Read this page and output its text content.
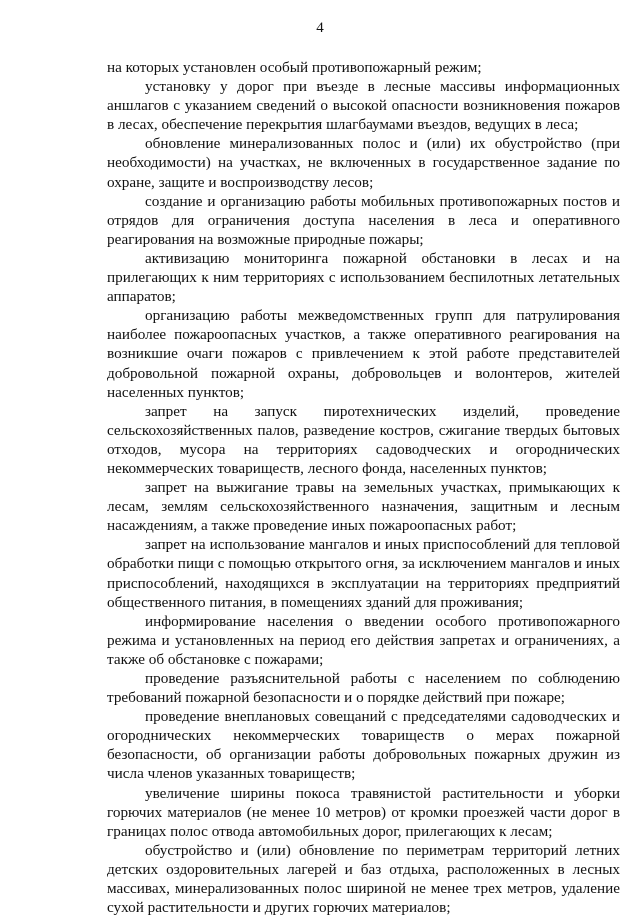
4

на которых установлен особый противопожарный режим;

установку у дорог при въезде в лесные массивы информационных аншлагов с указанием сведений о высокой опасности возникновения пожаров в лесах, обеспечение перекрытия шлагбаумами въездов, ведущих в леса;

обновление минерализованных полос и (или) их обустройство (при необходимости) на участках, не включенных в государственное задание по охране, защите и воспроизводству лесов;

создание и организацию работы мобильных противопожарных постов и отрядов для ограничения доступа населения в леса и оперативного реагирования на возможные природные пожары;

активизацию мониторинга пожарной обстановки в лесах и на прилегающих к ним территориях с использованием беспилотных летательных аппаратов;

организацию работы межведомственных групп для патрулирования наиболее пожароопасных участков, а также оперативного реагирования на возникшие очаги пожаров с привлечением к этой работе представителей добровольной пожарной охраны, добровольцев и волонтеров, жителей населенных пунктов;

запрет на запуск пиротехнических изделий, проведение сельскохозяйственных палов, разведение костров, сжигание твердых бытовых отходов, мусора на территориях садоводческих и огороднических некоммерческих товариществ, лесного фонда, населенных пунктов;

запрет на выжигание травы на земельных участках, примыкающих к лесам, землям сельскохозяйственного назначения, защитным и лесным насаждениям, а также проведение иных пожароопасных работ;

запрет на использование мангалов и иных приспособлений для тепловой обработки пищи с помощью открытого огня, за исключением мангалов и иных приспособлений, находящихся в эксплуатации на территориях предприятий общественного питания, в помещениях зданий для проживания;

информирование населения о введении особого противопожарного режима и установленных на период его действия запретах и ограничениях, а также об обстановке с пожарами;

проведение разъяснительной работы с населением по соблюдению требований пожарной безопасности и о порядке действий при пожаре;

проведение внеплановых совещаний с председателями садоводческих и огороднических некоммерческих товариществ о мерах пожарной безопасности, об организации работы добровольных пожарных дружин из числа членов указанных товариществ;

увеличение ширины покоса травянистой растительности и уборки горючих материалов (не менее 10 метров) от кромки проезжей части дорог в границах полос отвода автомобильных дорог, прилегающих к лесам;

обустройство и (или) обновление по периметрам территорий летних детских оздоровительных лагерей и баз отдыха, расположенных в лесных массивах, минерализованных полос шириной не менее трех метров, удаление сухой растительности и других горючих материалов;
